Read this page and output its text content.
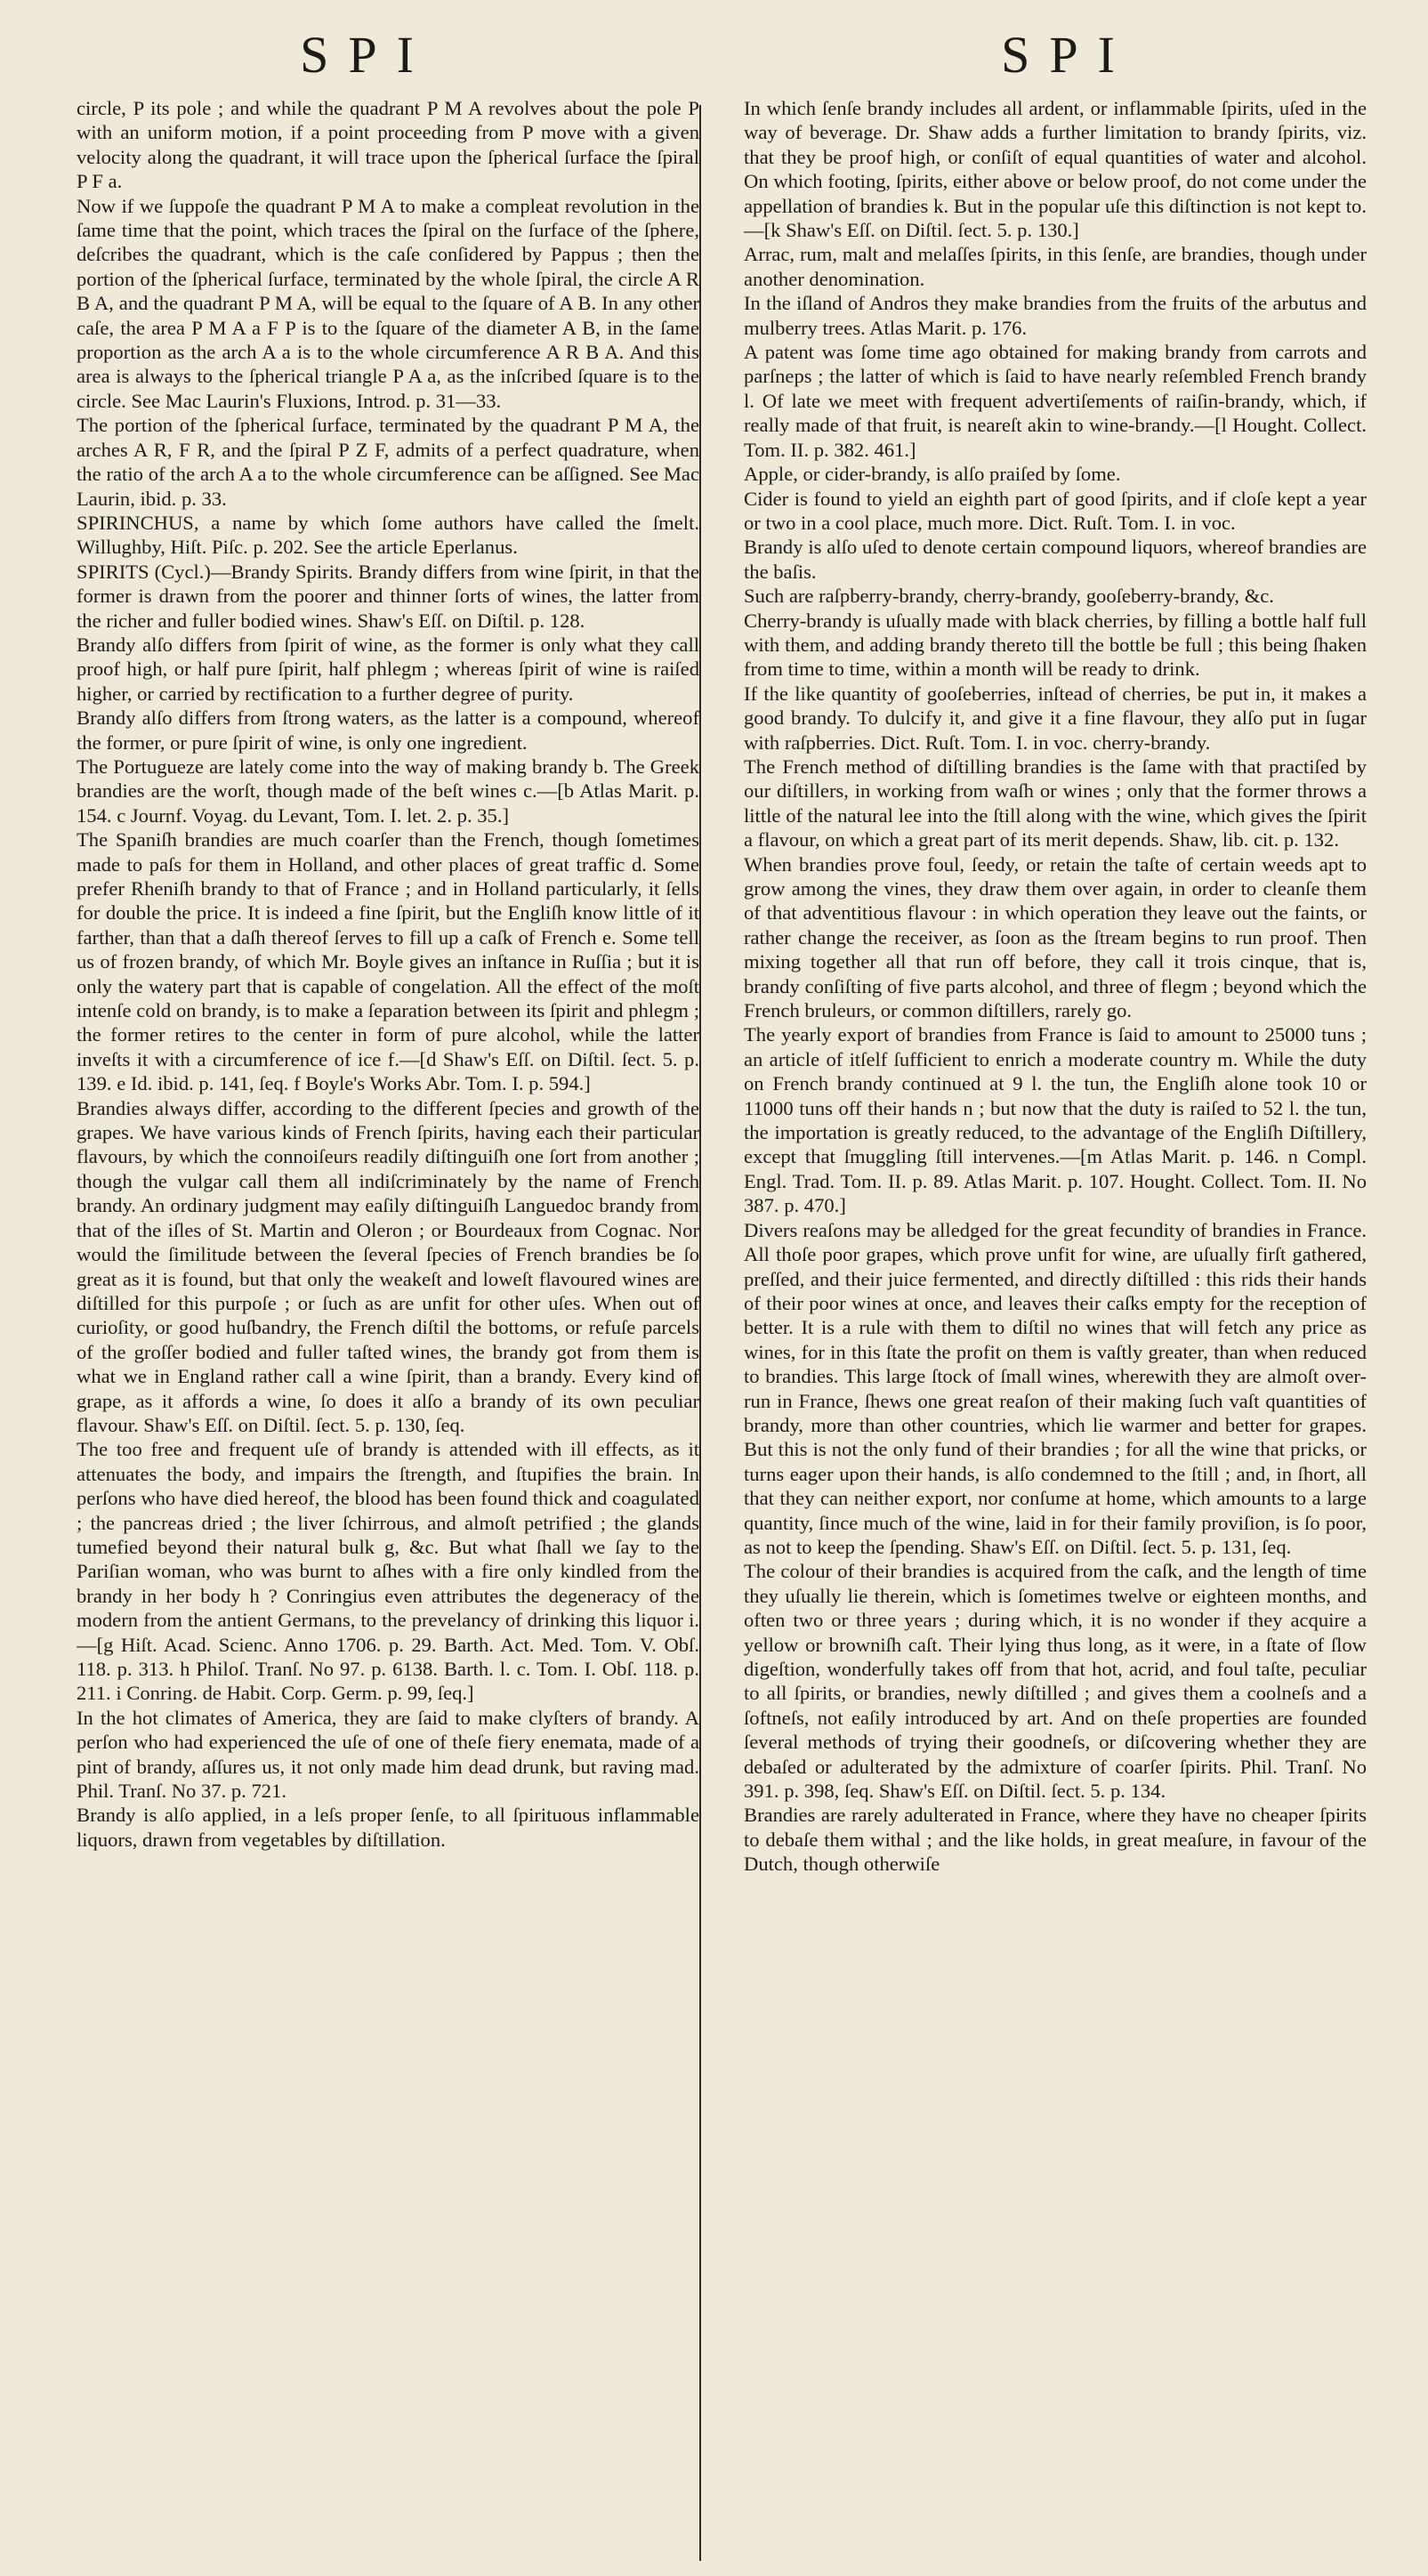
SPI	SPI

circle, P its pole ; and while the quadrant P M A revolves about the pole P with an uniform motion, if a point proceeding from P move with a given velocity along the quadrant, it will trace upon the ſpherical ſurface the ſpiral P F a.

Now if we ſuppoſe the quadrant P M A to make a compleat revolution in the ſame time that the point, which traces the ſpiral on the ſurface of the ſphere, deſcribes the quadrant, which is the caſe conſidered by Pappus ; then the portion of the ſpherical ſurface, terminated by the whole ſpiral, the circle A R B A, and the quadrant P M A, will be equal to the ſquare of A B. In any other caſe, the area P M A a F P is to the ſquare of the diameter A B, in the ſame proportion as the arch A a is to the whole circumference A R B A. And this area is always to the ſpherical triangle P A a, as the inſcribed ſquare is to the circle. See Mac Laurin's Fluxions, Introd. p. 31—33.

The portion of the ſpherical ſurface, terminated by the quadrant P M A, the arches A R, F R, and the ſpiral P Z F, admits of a perfect quadrature, when the ratio of the arch A a to the whole circumference can be aſſigned. See Mac Laurin, ibid. p. 33.

SPIRINCHUS, a name by which ſome authors have called the ſmelt. Willughby, Hiſt. Piſc. p. 202. See the article Eperlanus.

SPIRITS (Cycl.)—Brandy Spirits. Brandy differs from wine ſpirit, in that the former is drawn from the poorer and thinner ſorts of wines, the latter from the richer and fuller bodied wines. Shaw's Eſſ. on Diſtil. p. 128.

Brandy alſo differs from ſpirit of wine, as the former is only what they call proof high, or half pure ſpirit, half phlegm ; whereas ſpirit of wine is raiſed higher, or carried by rectification to a further degree of purity.

Brandy alſo differs from ſtrong waters, as the latter is a compound, whereof the former, or pure ſpirit of wine, is only one ingredient.

The Portugueze are lately come into the way of making brandy b. The Greek brandies are the worſt, though made of the beſt wines c.—[b Atlas Marit. p. 154. c Journf. Voyag. du Levant, Tom. I. let. 2. p. 35.]

The Spaniſh brandies are much coarſer than the French, though ſometimes made to paſs for them in Holland, and other places of great traffic d. Some prefer Rheniſh brandy to that of France ; and in Holland particularly, it ſells for double the price. It is indeed a fine ſpirit, but the Engliſh know little of it farther, than that a daſh thereof ſerves to fill up a caſk of French e. Some tell us of frozen brandy, of which Mr. Boyle gives an inſtance in Ruſſia ; but it is only the watery part that is capable of congelation. All the effect of the moſt intenſe cold on brandy, is to make a ſeparation between its ſpirit and phlegm ; the former retires to the center in form of pure alcohol, while the latter inveſts it with a circumference of ice f.—[d Shaw's Eſſ. on Diſtil. ſect. 5. p. 139. e Id. ibid. p. 141, ſeq. f Boyle's Works Abr. Tom. I. p. 594.]

Brandies always differ, according to the different ſpecies and growth of the grapes. We have various kinds of French ſpirits, having each their particular flavours, by which the connoiſeurs readily diſtinguiſh one ſort from another ; though the vulgar call them all indiſcriminately by the name of French brandy. An ordinary judgment may eaſily diſtinguiſh Languedoc brandy from that of the iſles of St. Martin and Oleron ; or Bourdeaux from Cognac. Nor would the ſimilitude between the ſeveral ſpecies of French brandies be ſo great as it is found, but that only the weakeſt and loweſt flavoured wines are diſtilled for this purpoſe ; or ſuch as are unfit for other uſes. When out of curioſity, or good huſbandry, the French diſtil the bottoms, or refuſe parcels of the groſſer bodied and fuller taſted wines, the brandy got from them is what we in England rather call a wine ſpirit, than a brandy. Every kind of grape, as it affords a wine, ſo does it alſo a brandy of its own peculiar flavour. Shaw's Eſſ. on Diſtil. ſect. 5. p. 130, ſeq.

The too free and frequent uſe of brandy is attended with ill effects, as it attenuates the body, and impairs the ſtrength, and ſtupifies the brain. In perſons who have died hereof, the blood has been found thick and coagulated ; the pancreas dried ; the liver ſchirrous, and almoſt petrified ; the glands tumefied beyond their natural bulk g, &c. But what ſhall we ſay to the Pariſian woman, who was burnt to aſhes with a fire only kindled from the brandy in her body h ? Conringius even attributes the degeneracy of the modern from the antient Germans, to the prevelancy of drinking this liquor i.—[g Hiſt. Acad. Scienc. Anno 1706. p. 29. Barth. Act. Med. Tom. V. Obſ. 118. p. 313. h Philoſ. Tranſ. No 97. p. 6138. Barth. l. c. Tom. I. Obſ. 118. p. 211. i Conring. de Habit. Corp. Germ. p. 99, ſeq.]

In the hot climates of America, they are ſaid to make clyſters of brandy. A perſon who had experienced the uſe of one of theſe fiery enemata, made of a pint of brandy, aſſures us, it not only made him dead drunk, but raving mad. Phil. Tranſ. No 37. p. 721.

Brandy is alſo applied, in a leſs proper ſenſe, to all ſpirituous inflammable liquors, drawn from vegetables by diſtillation.

In which ſenſe brandy includes all ardent, or inflammable ſpirits, uſed in the way of beverage. Dr. Shaw adds a further limitation to brandy ſpirits, viz. that they be proof high, or conſiſt of equal quantities of water and alcohol. On which footing, ſpirits, either above or below proof, do not come under the appellation of brandies k. But in the popular uſe this diſtinction is not kept to.—[k Shaw's Eſſ. on Diſtil. ſect. 5. p. 130.]

Arrac, rum, malt and melaſſes ſpirits, in this ſenſe, are brandies, though under another denomination.

In the iſland of Andros they make brandies from the fruits of the arbutus and mulberry trees. Atlas Marit. p. 176.

A patent was ſome time ago obtained for making brandy from carrots and parſneps ; the latter of which is ſaid to have nearly reſembled French brandy l. Of late we meet with frequent advertiſements of raiſin-brandy, which, if really made of that fruit, is neareſt akin to wine-brandy.—[l Hought. Collect. Tom. II. p. 382. 461.]

Apple, or cider-brandy, is alſo praiſed by ſome.

Cider is found to yield an eighth part of good ſpirits, and if cloſe kept a year or two in a cool place, much more. Dict. Ruſt. Tom. I. in voc.

Brandy is alſo uſed to denote certain compound liquors, whereof brandies are the baſis.

Such are raſpberry-brandy, cherry-brandy, gooſeberry-brandy, &c.

Cherry-brandy is uſually made with black cherries, by filling a bottle half full with them, and adding brandy thereto till the bottle be full ; this being ſhaken from time to time, within a month will be ready to drink.

If the like quantity of gooſeberries, inſtead of cherries, be put in, it makes a good brandy. To dulcify it, and give it a fine flavour, they alſo put in ſugar with raſpberries. Dict. Ruſt. Tom. I. in voc. cherry-brandy.

The French method of diſtilling brandies is the ſame with that practiſed by our diſtillers, in working from waſh or wines ; only that the former throws a little of the natural lee into the ſtill along with the wine, which gives the ſpirit a flavour, on which a great part of its merit depends. Shaw, lib. cit. p. 132.

When brandies prove foul, ſeedy, or retain the taſte of certain weeds apt to grow among the vines, they draw them over again, in order to cleanſe them of that adventitious flavour : in which operation they leave out the faints, or rather change the receiver, as ſoon as the ſtream begins to run proof. Then mixing together all that run off before, they call it trois cinque, that is, brandy conſiſting of five parts alcohol, and three of flegm ; beyond which the French bruleurs, or common diſtillers, rarely go.

The yearly export of brandies from France is ſaid to amount to 25000 tuns ; an article of itſelf ſufficient to enrich a moderate country m. While the duty on French brandy continued at 9 l. the tun, the Engliſh alone took 10 or 11000 tuns off their hands n ; but now that the duty is raiſed to 52 l. the tun, the importation is greatly reduced, to the advantage of the Engliſh Diſtillery, except that ſmuggling ſtill intervenes.—[m Atlas Marit. p. 146. n Compl. Engl. Trad. Tom. II. p. 89. Atlas Marit. p. 107. Hought. Collect. Tom. II. No 387. p. 470.]

Divers reaſons may be alledged for the great fecundity of brandies in France. All thoſe poor grapes, which prove unfit for wine, are uſually firſt gathered, preſſed, and their juice fermented, and directly diſtilled : this rids their hands of their poor wines at once, and leaves their caſks empty for the reception of better. It is a rule with them to diſtil no wines that will fetch any price as wines, for in this ſtate the profit on them is vaſtly greater, than when reduced to brandies. This large ſtock of ſmall wines, wherewith they are almoſt over-run in France, ſhews one great reaſon of their making ſuch vaſt quantities of brandy, more than other countries, which lie warmer and better for grapes. But this is not the only fund of their brandies ; for all the wine that pricks, or turns eager upon their hands, is alſo condemned to the ſtill ; and, in ſhort, all that they can neither export, nor conſume at home, which amounts to a large quantity, ſince much of the wine, laid in for their family proviſion, is ſo poor, as not to keep the ſpending. Shaw's Eſſ. on Diſtil. ſect. 5. p. 131, ſeq.

The colour of their brandies is acquired from the caſk, and the length of time they uſually lie therein, which is ſometimes twelve or eighteen months, and often two or three years ; during which, it is no wonder if they acquire a yellow or browniſh caſt. Their lying thus long, as it were, in a ſtate of ſlow digeſtion, wonderfully takes off from that hot, acrid, and foul taſte, peculiar to all ſpirits, or brandies, newly diſtilled ; and gives them a coolneſs and a ſoftneſs, not eaſily introduced by art. And on theſe properties are founded ſeveral methods of trying their goodneſs, or diſcovering whether they are debaſed or adulterated by the admixture of coarſer ſpirits. Phil. Tranſ. No 391. p. 398, ſeq. Shaw's Eſſ. on Diſtil. ſect. 5. p. 134.

Brandies are rarely adulterated in France, where they have no cheaper ſpirits to debaſe them withal ; and the like holds, in great meaſure, in favour of the Dutch, though otherwiſe
